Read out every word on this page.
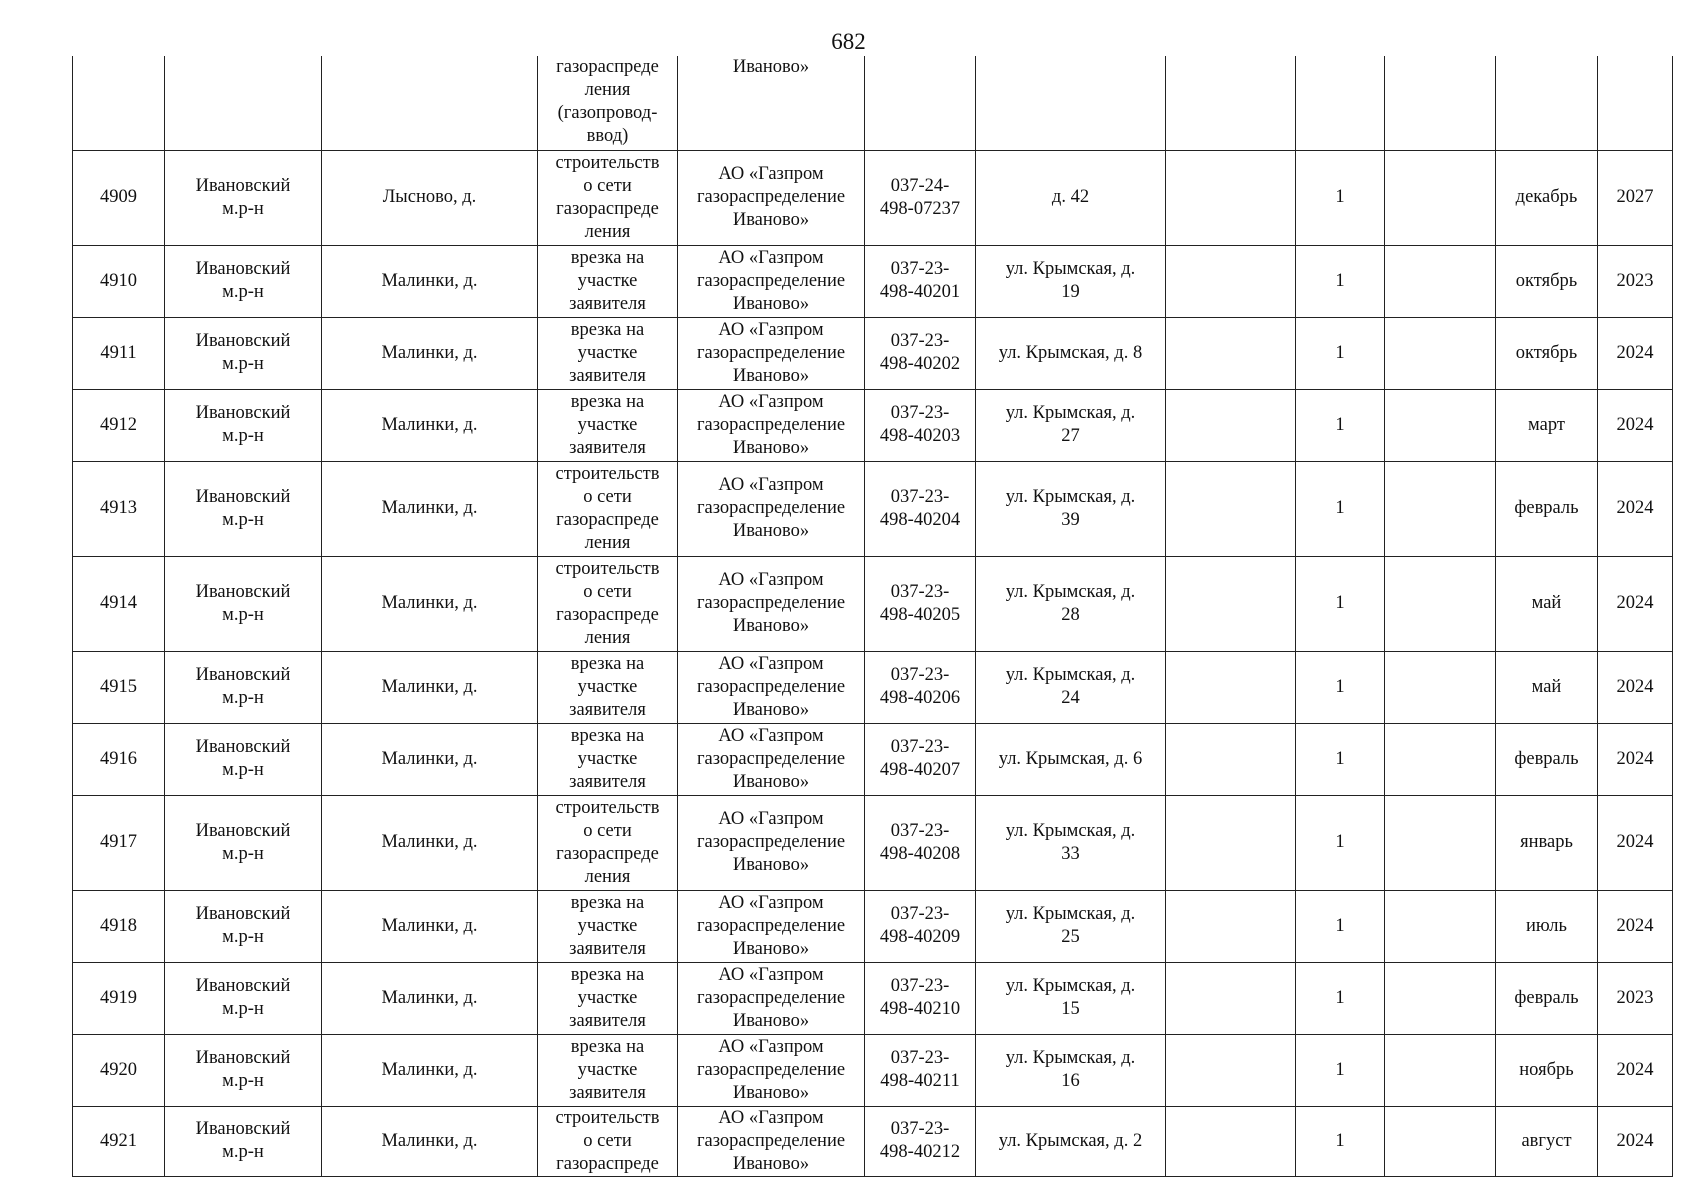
682
			газораспреде
ления
(газопровод-
ввод)	Иваново»							
4909	Ивановский
м.р-н	Лысново, д.	строительств
о сети
газораспреде
ления	АО «Газпром
газораспределение
Иваново»	037-24-
498-07237	д. 42		1		декабрь	2027
4910	Ивановский
м.р-н	Малинки, д.	врезка на
участке
заявителя	АО «Газпром
газораспределение
Иваново»	037-23-
498-40201	ул. Крымская, д.
19		1		октябрь	2023
4911	Ивановский
м.р-н	Малинки, д.	врезка на
участке
заявителя	АО «Газпром
газораспределение
Иваново»	037-23-
498-40202	ул. Крымская, д. 8		1		октябрь	2024
4912	Ивановский
м.р-н	Малинки, д.	врезка на
участке
заявителя	АО «Газпром
газораспределение
Иваново»	037-23-
498-40203	ул. Крымская, д.
27		1		март	2024
4913	Ивановский
м.р-н	Малинки, д.	строительств
о сети
газораспреде
ления	АО «Газпром
газораспределение
Иваново»	037-23-
498-40204	ул. Крымская, д.
39		1		февраль	2024
4914	Ивановский
м.р-н	Малинки, д.	строительств
о сети
газораспреде
ления	АО «Газпром
газораспределение
Иваново»	037-23-
498-40205	ул. Крымская, д.
28		1		май	2024
4915	Ивановский
м.р-н	Малинки, д.	врезка на
участке
заявителя	АО «Газпром
газораспределение
Иваново»	037-23-
498-40206	ул. Крымская, д.
24		1		май	2024
4916	Ивановский
м.р-н	Малинки, д.	врезка на
участке
заявителя	АО «Газпром
газораспределение
Иваново»	037-23-
498-40207	ул. Крымская, д. 6		1		февраль	2024
4917	Ивановский
м.р-н	Малинки, д.	строительств
о сети
газораспреде
ления	АО «Газпром
газораспределение
Иваново»	037-23-
498-40208	ул. Крымская, д.
33		1		январь	2024
4918	Ивановский
м.р-н	Малинки, д.	врезка на
участке
заявителя	АО «Газпром
газораспределение
Иваново»	037-23-
498-40209	ул. Крымская, д.
25		1		июль	2024
4919	Ивановский
м.р-н	Малинки, д.	врезка на
участке
заявителя	АО «Газпром
газораспределение
Иваново»	037-23-
498-40210	ул. Крымская, д.
15		1		февраль	2023
4920	Ивановский
м.р-н	Малинки, д.	врезка на
участке
заявителя	АО «Газпром
газораспределение
Иваново»	037-23-
498-40211	ул. Крымская, д.
16		1		ноябрь	2024
4921	Ивановский
м.р-н	Малинки, д.	строительств
о сети
газораспреде	АО «Газпром
газораспределение
Иваново»	037-23-
498-40212	ул. Крымская, д. 2		1		август	2024
